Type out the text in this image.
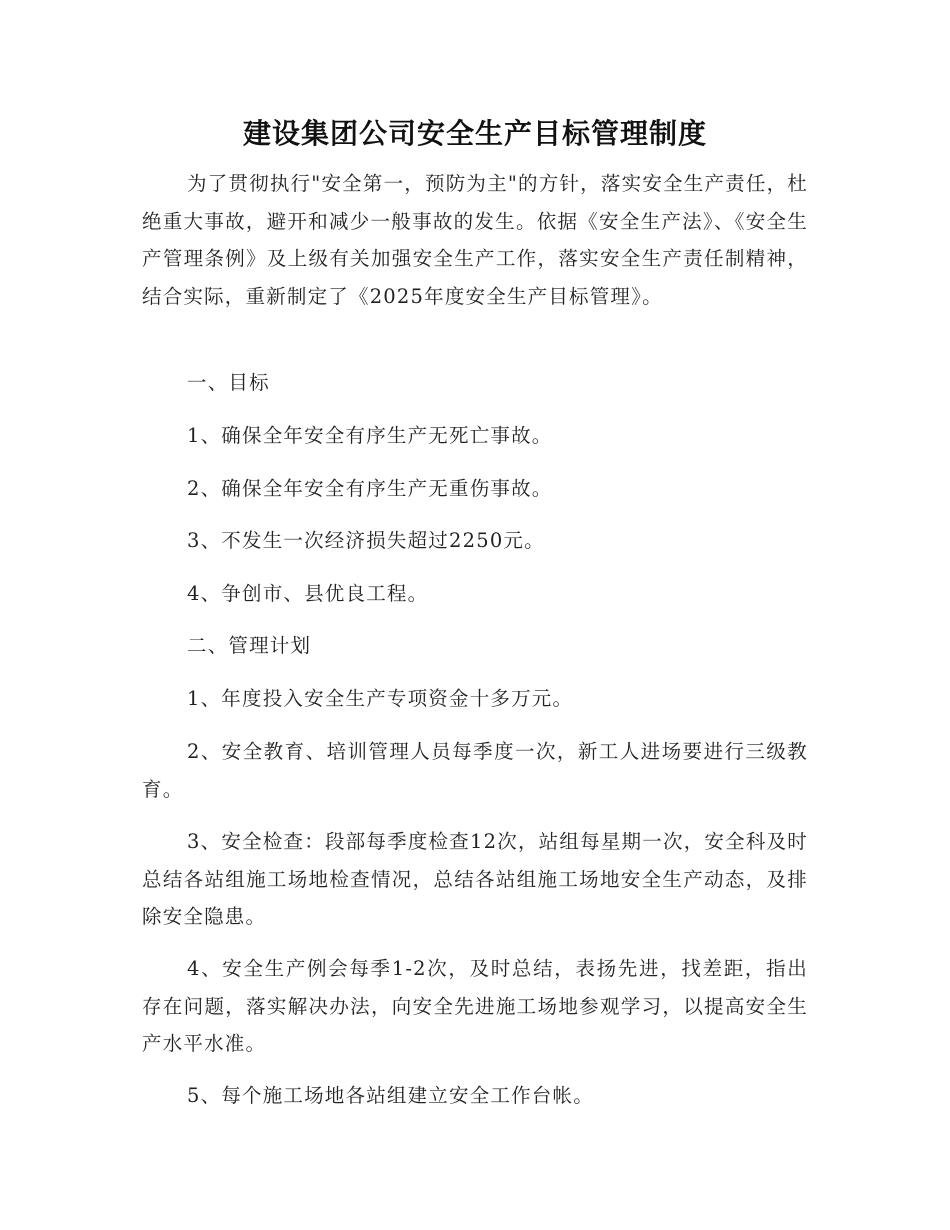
建设集团公司安全生产目标管理制度

为了贯彻执行"安全第一，预防为主"的方针，落实安全生产责任，杜绝重大事故，避开和减少一般事故的发生。依据《安全生产法》、《安全生产管理条例》及上级有关加强安全生产工作，落实安全生产责任制精神，结合实际，重新制定了《2025年度安全生产目标管理》。

一、目标

1、确保全年安全有序生产无死亡事故。

2、确保全年安全有序生产无重伤事故。

3、不发生一次经济损失超过2250元。

4、争创市、县优良工程。

二、管理计划

1、年度投入安全生产专项资金十多万元。

2、安全教育、培训管理人员每季度一次，新工人进场要进行三级教育。

3、安全检查：段部每季度检查12次，站组每星期一次，安全科及时总结各站组施工场地检查情况，总结各站组施工场地安全生产动态，及排除安全隐患。

4、安全生产例会每季1-2次，及时总结，表扬先进，找差距，指出存在问题，落实解决办法，向安全先进施工场地参观学习，以提高安全生产水平水准。

5、每个施工场地各站组建立安全工作台帐。
